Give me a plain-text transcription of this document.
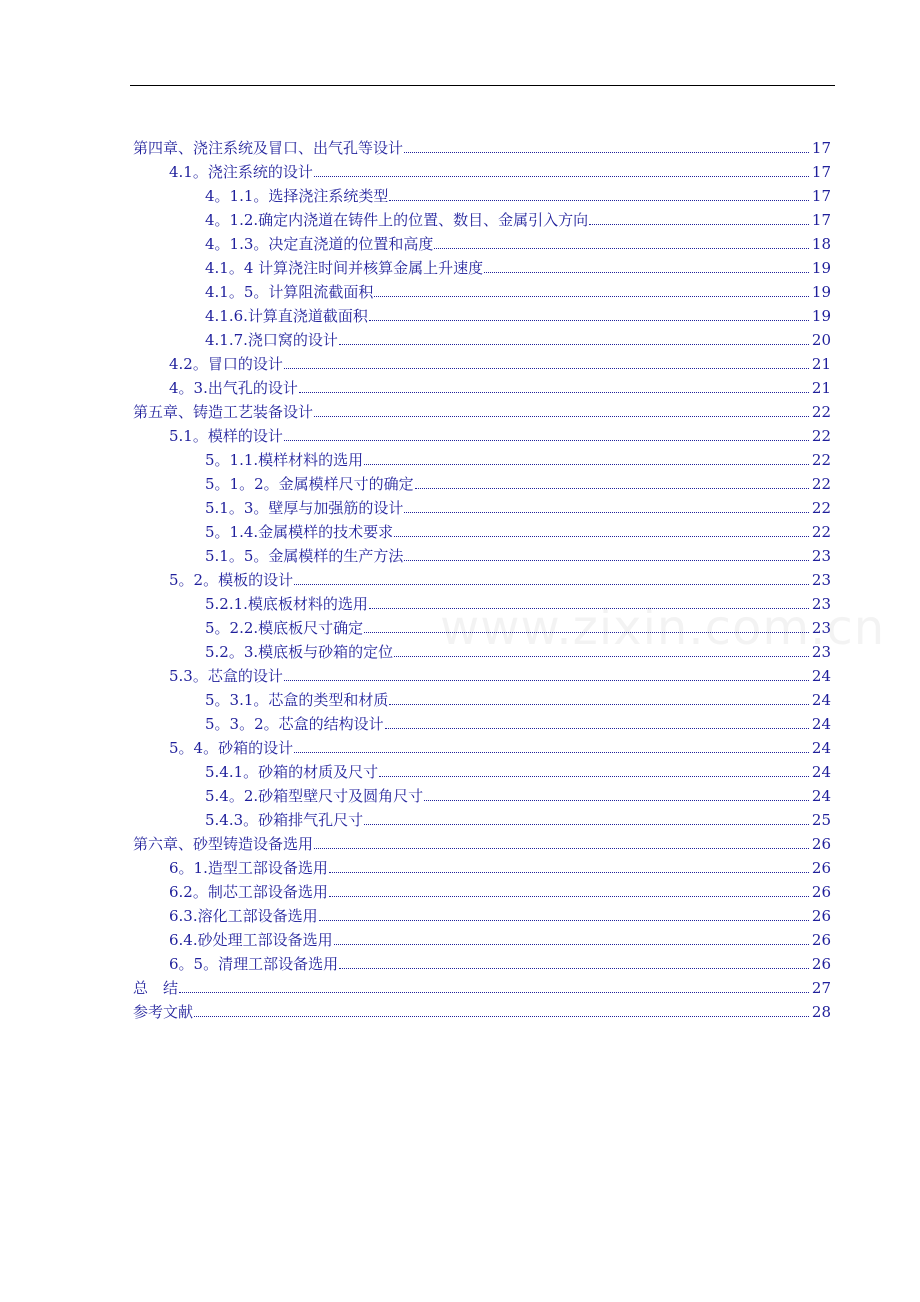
第四章、浇注系统及冒口、出气孔等设计	17
4.1。浇注系统的设计	17
4。1.1。选择浇注系统类型	17
4。1.2.确定内浇道在铸件上的位置、数目、金属引入方向	17
4。1.3。决定直浇道的位置和高度	18
4.1。4 计算浇注时间并核算金属上升速度	19
4.1。5。计算阻流截面积	19
4.1.6.计算直浇道截面积	19
4.1.7.浇口窝的设计	20
4.2。冒口的设计	21
4。3.出气孔的设计	21
第五章、铸造工艺装备设计	22
5.1。模样的设计	22
5。1.1.模样材料的选用	22
5。1。2。金属模样尺寸的确定	22
5.1。3。壁厚与加强筋的设计	22
5。1.4.金属模样的技术要求	22
5.1。5。金属模样的生产方法	23
5。2。模板的设计	23
5.2.1.模底板材料的选用	23
5。2.2.模底板尺寸确定	23
5.2。3.模底板与砂箱的定位	23
5.3。芯盒的设计	24
5。3.1。芯盒的类型和材质	24
5。3。2。芯盒的结构设计	24
5。4。砂箱的设计	24
5.4.1。砂箱的材质及尺寸	24
5.4。2.砂箱型壁尺寸及圆角尺寸	24
5.4.3。砂箱排气孔尺寸	25
第六章、砂型铸造设备选用	26
6。1.造型工部设备选用	26
6.2。制芯工部设备选用	26
6.3.溶化工部设备选用	26
6.4.砂处理工部设备选用	26
6。5。清理工部设备选用	26
总　结	27
参考文献	28
